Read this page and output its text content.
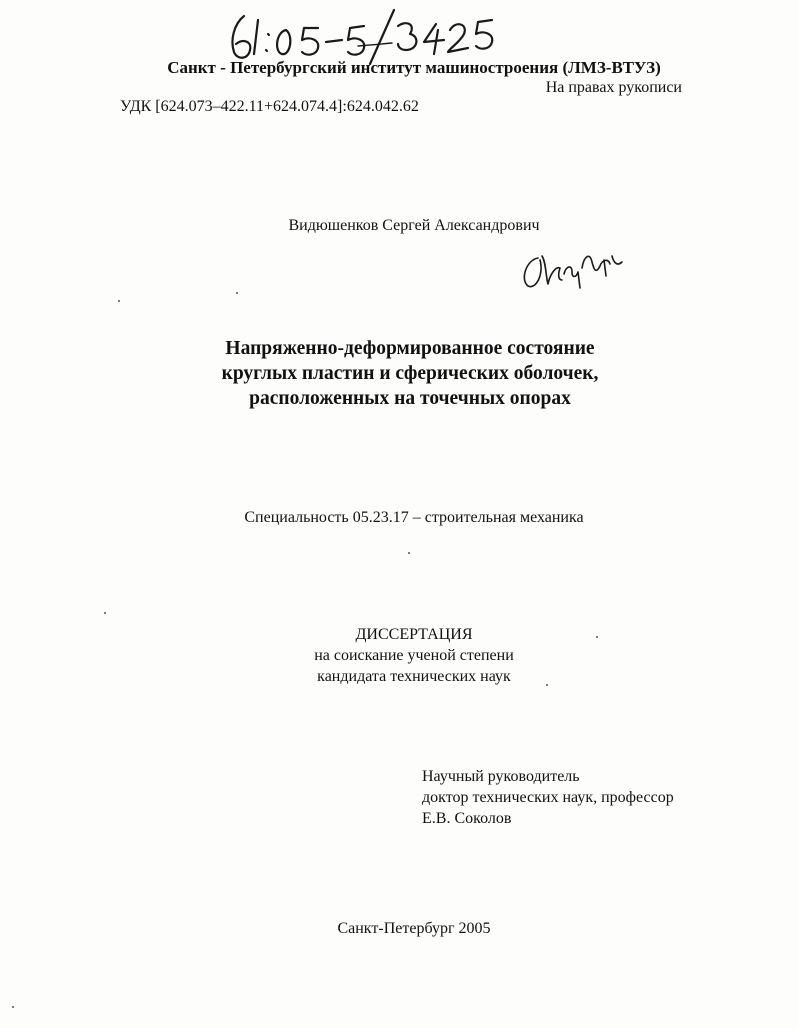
Санкт - Петербургский институт машиностроения (ЛМЗ-ВТУЗ)
На правах рукописи
УДК [624.073–422.11+624.074.4]:624.042.62
Видюшенков Сергей Александрович
Напряженно-деформированное состояние
круглых пластин и сферических оболочек,
расположенных на точечных опорах
Специальность 05.23.17 – строительная механика
ДИССЕРТАЦИЯ
на соискание ученой степени
кандидата технических наук
Научный руководитель
доктор технических наук, профессор
Е.В. Соколов
Санкт-Петербург 2005
